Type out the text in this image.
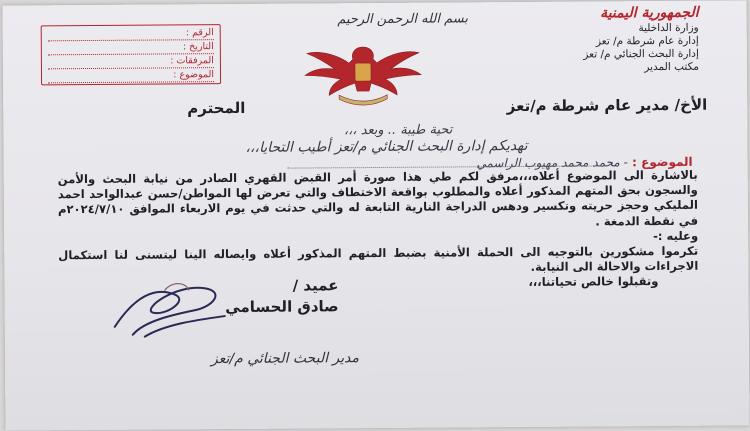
الجمهورية اليمنية
وزارة الداخلية
إدارة عام شرطة م/ تعز
إدارة البحث الجنائي م/ تعز
مكتب المدير
بسم الله الرحمن الرحيم
الرقم :
التاريخ :
المرفقات :
الموضوع :
الأخ/ مدير عام شرطة م/تعز
المحترم
تحية طيبة .. وبعد ،،،
تهديكم إدارة البحث الجنائي م/تعز أطيب التحايا،،،
الموضوع : - محمد محمد مهيوب الراسمي

بالاشارة الى الموضوع أعلاه،،،مرفق لكم طي هذا صورة أمر القبض القهري الصادر من نيابة البحث والأمن والسجون بحق المتهم المذكور أعلاه والمطلوب بواقعة الاختطاف والتي تعرض لها المواطن/حسن عبدالواحد احمد المليكي وحجز حريته وتكسير ودهس الدراجة النارية التابعة له والتي حدثت في يوم الاربعاء الموافق ٢٠٢٤/٧/١٠م في نقطة الدمغة .

وعليه :-

تكرموا مشكورين بالتوجيه الى الحملة الأمنية بضبط المتهم المذكور أعلاه وايصاله الينا ليتسنى لنا استكمال الاجراءات والاحالة الى النيابة.

وتقبلوا خالص تحياتنا،،،

عميد /
صادق الحسامي
مدير البحث الجنائي م/تعز
